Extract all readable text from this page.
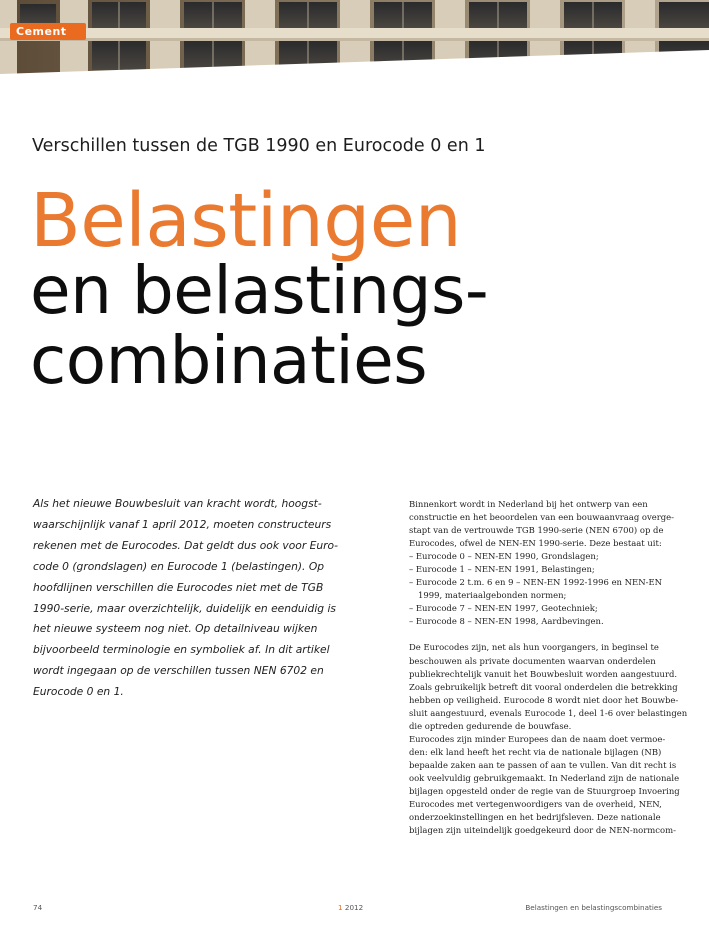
Cement
Verschillen tussen de TGB 1990 en Eurocode 0 en 1
Belastingen
en belastings-
combinaties

Als het nieuwe Bouwbesluit van kracht wordt, hoogst-
waarschijnlijk vanaf 1 april 2012, moeten constructeurs
rekenen met de Eurocodes. Dat geldt dus ook voor Euro-
code 0 (grondslagen) en Eurocode 1 (belastingen). Op
hoofdlijnen verschillen die Eurocodes niet met de TGB
1990-serie, maar overzichtelijk, duidelijk en eenduidig is
het nieuwe systeem nog niet. Op detailniveau wijken
bijvoorbeeld terminologie en symboliek af. In dit artikel
wordt ingegaan op de verschillen tussen NEN 6702 en
Eurocode 0 en 1.

Binnenkort wordt in Nederland bij het ontwerp van een
constructie en het beoordelen van een bouwaanvraag overge-
stapt van de vertrouwde TGB 1990-serie (NEN 6700) op de
Eurocodes, ofwel de NEN-EN 1990-serie. Deze bestaat uit:
– Eurocode 0 – NEN-EN 1990, Grondslagen;
– Eurocode 1 – NEN-EN 1991, Belastingen;
– Eurocode 2 t.m. 6 en 9 – NEN-EN 1992-1996 en NEN-EN
1999, materiaalgebonden normen;
– Eurocode 7 – NEN-EN 1997, Geotechniek;
– Eurocode 8 – NEN-EN 1998, Aardbevingen.
De Eurocodes zijn, net als hun voorgangers, in beginsel te
beschouwen als private documenten waarvan onderdelen
publiekrechtelijk vanuit het Bouwbesluit worden aangestuurd.
Zoals gebruikelijk betreft dit vooral onderdelen die betrekking
hebben op veiligheid. Eurocode 8 wordt niet door het Bouwbe-
sluit aangestuurd, evenals Eurocode 1, deel 1-6 over belastingen
die optreden gedurende de bouwfase.
Eurocodes zijn minder Europees dan de naam doet vermoe-
den: elk land heeft het recht via de nationale bijlagen (NB)
bepaalde zaken aan te passen of aan te vullen. Van dit recht is
ook veelvuldig gebruikgemaakt. In Nederland zijn de nationale
bijlagen opgesteld onder de regie van de Stuurgroep Invoering
Eurocodes met vertegenwoordigers van de overheid, NEN,
onderzoekinstellingen en het bedrijfsleven. Deze nationale
bijlagen zijn uiteindelijk goedgekeurd door de NEN-normcom-
74	1 2012	Belastingen en belastingscombinaties
